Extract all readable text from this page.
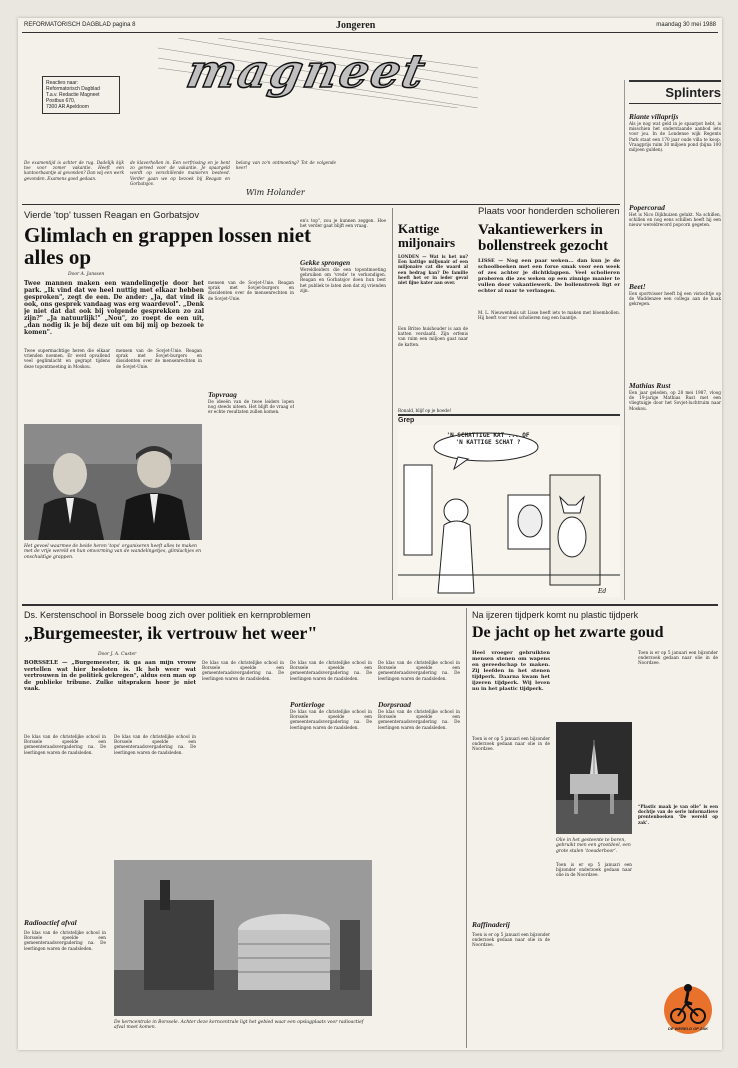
REFORMATORISCH DAGBLAD pagina 8	Jongeren	maandag 30 mei 1988
Reacties naar:
Reformatorisch Dagblad
T.a.v. Redactie Magneet
Postbus 670,
7300 AR Apeldoorn
magneet	Splinters
Riante villaprijs
Als je nog wat geld in je spaarpot hebt, is misschien het onderstaande aanbod iets voor jou. In de Londense wijk Regents Park staat een 170 jaar oude villa te koop. Vraagprijs ruim 30 miljoen pond (bijna 100 miljoen gulden).
Popercorad
Het is Nico Dijkhuizen gelukt. Na schillen, schillen en nog eens schillen heeft hij een nieuw wereldrecord popcorn gegeten.
Beet!
Een sportvisser heeft bij een vistochtje op de Waddenzee een collega aan de haak gekregen.
Mathias Rust
Een jaar geleden, op 28 mei 1987, vloog de 19-jarige Mathias Rust met een vliegtuigje door het Sovjet-luchtruim naar Moskou.
De examentijd is achter de rug. Dadelijk kijk toe voor zomer vakantie. Heeft een kantoorbaantje al gevonden? Dan wij een werk gevonden. Examens goed gedaan.
de klaverhollen in. Een verfrissing en je bent zo gereed voor de vakantie. Je spaargeld wordt op verschillende manieren besteed. Verder gaan we op bezoek bij Reagan en Gorbatsjov.
belang van zo'n ontmoeting? Tot de volgende keer!
Wim Holander
Vierde 'top' tussen Reagan en Gorbatsjov
Glimlach en grappen lossen niet alles op
Door A. Janssen
Twee mannen maken een wandelingetje door het park. „Ik vind dat we heel nuttig met elkaar hebben gesproken", zegt de een. De ander: „Ja, dat vind ik ook, ons gesprek vandaag was erg waardevol". „Denk je niet dat dat ook bij volgende gesprekken zo zal zijn?" „Ja natuurlijk!" „Nou", zo roept de een uit, „dan nodig ik je bij deze uit om bij mij op bezoek te komen".
Twee supermachtige heren die elkaar vrienden noemen. Er werd opvallend veel geglimlacht en gegrapt tijdens deze topontmoeting in Moskou.
mensen van de Sovjet-Unie. Reagan sprak met Sovjet-burgers en dissidenten over de mensenrechten in de Sovjet-Unie.
mensen van de Sovjet-Unie. Reagan sprak met Sovjet-burgers en dissidenten over de mensenrechten in de Sovjet-Unie.
Topvraag
De ideeën van de twee leiders lopen nog steeds uiteen. Het blijft de vraag of er echte resultaten zullen komen.
en's top", zou je kunnen zeggen. Hoe het verder gaat blijft een vraag.
Gekke sprongen
Wereldleiders die een topontmoeting gebruiken om 'vrede' te verkondigen. Reagan en Gorbatsjov doen hun best het publiek te laten zien dat zij vrienden zijn.
Het gevoel waarmee de beide heren 'tops' organiseren heeft alles te maken met de vrije wereld en hun omvorming van de wandelingetjes, glimlachjes en onschuldige grappen.
Kattige miljonairs
LONDEN — Wat is het nu? Een kattige miljonair of een miljonaire cat die waard al een bedrag kan? De familie heeft het er in ieder geval niet fijne kater aan over.
Een Britse huishouder is aan de katten verslaafd. Zijn erfenis van ruim een miljoen gaat naar de katten.
Ronald, blijf op je hoede!
Plaats voor honderden scholieren
Vakantiewerkers in bollenstreek gezocht
LISSE — Nog een paar weken... dan kun je de schoolboeken met een forse smak voor een week of zes achter je dichtklappen. Veel scholieren proberen die zes weken op een zinnige manier te vullen door vakantiewerk. De bollenstreek ligt er echter al naar te verlangen.
M. L. Nieuwenhuis uit Lisse heeft iets te maken met bloembollen. Hij heeft voor veel scholieren nog een baantje.
Grep
Ed
'N SCHATTIGE KAT ... OF 'N KATTIGE SCHAT ?
Ds. Kerstenschool in Borssele boog zich over politiek en kernproblemen
„Burgemeester, ik vertrouw het weer"
Door J. A. Custer
BORSSELE — „Burgemeester, ik ga aan mijn vrouw vertellen wat hier besloten is. Ik heb weer wat vertrouwen in de politiek gekregen", aldus een man op de publieke tribune. Zulke uitspraken hoor je niet vaak.
De klas van de christelijke school in Borssele speelde een gemeenteraadsvergadering na. De leerlingen waren de raadsleden.
De klas van de christelijke school in Borssele speelde een gemeenteraadsvergadering na. De leerlingen waren de raadsleden.
Radioactief afval
De klas van de christelijke school in Borssele speelde een gemeenteraadsvergadering na. De leerlingen waren de raadsleden.
De klas van de christelijke school in Borssele speelde een gemeenteraadsvergadering na. De leerlingen waren de raadsleden.
De klas van de christelijke school in Borssele speelde een gemeenteraadsvergadering na. De leerlingen waren de raadsleden.
Portierloge
De klas van de christelijke school in Borssele speelde een gemeenteraadsvergadering na. De leerlingen waren de raadsleden.
De klas van de christelijke school in Borssele speelde een gemeenteraadsvergadering na. De leerlingen waren de raadsleden.
Dorpsraad
De klas van de christelijke school in Borssele speelde een gemeenteraadsvergadering na. De leerlingen waren de raadsleden.
De kerncentrale in Borssele. Achter deze kerncentrale ligt het gebied waar een opslagplaats voor radioactief afval moet komen.
Na ijzeren tijdperk komt nu plastic tijdperk
De jacht op het zwarte goud
Heel vroeger gebruikten mensen stenen om wapens en gereedschap te maken. Zij leefden in het stenen tijdperk. Daarna kwam het ijzeren tijdperk. Wij leven nu in het plastic tijdperk.
Toen is er op 5 januari een bijzonder onderzoek gedaan naar olie in de Noordzee.
Raffinaderij
Toen is er op 5 januari een bijzonder onderzoek gedaan naar olie in de Noordzee.
Olie in het gesteente te boren, gebruikt men een grootdeel, een grote stalen ‘toeaderboor’.
Toen is er op 5 januari een bijzonder onderzoek gedaan naar olie in de Noordzee.
Toen is er op 5 januari een bijzonder onderzoek gedaan naar olie in de Noordzee.
“Plastic maak je van olie” is een dochtje van de serie informatieve prentenboeken ‘De wereld op zak’.
DE WERELD OP ZAK
